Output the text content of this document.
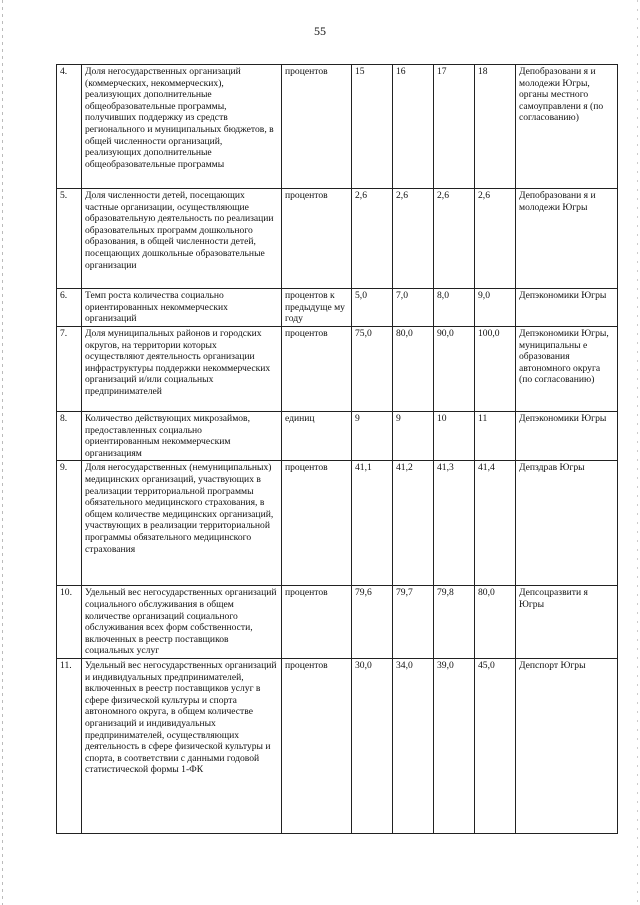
55
4.	Доля негосударственных организаций (коммерческих, некоммерческих), реализующих дополнительные общеобразовательные программы, получивших поддержку из средств регионального и муниципальных бюджетов, в общей численности организаций, реализующих дополнительные общеобразовательные программы	процентов	15	16	17	18	Депобразовани я и молодежи Югры, органы местного самоуправлени я (по согласованию)
5.	Доля численности детей, посещающих частные организации, осуществляющие образовательную деятельность по реализации образовательных программ дошкольного образования, в общей численности детей, посещающих дошкольные образовательные организации	процентов	2,6	2,6	2,6	2,6	Депобразовани я и молодежи Югры
6.	Темп роста количества социально ориентированных некоммерческих организаций	процентов к предыдуще му году	5,0	7,0	8,0	9,0	Депэкономики Югры
7.	Доля муниципальных районов и городских округов, на территории которых осуществляют деятельность организации инфраструктуры поддержки некоммерческих организаций и/или социальных предпринимателей	процентов	75,0	80,0	90,0	100,0	Депэкономики Югры, муниципальны е образования автономного округа (по согласованию)
8.	Количество действующих микрозаймов, предоставленных социально ориентированным некоммерческим организациям	единиц	9	9	10	11	Депэкономики Югры
9.	Доля негосударственных (немуниципальных) медицинских организаций, участвующих в реализации территориальной программы обязательного медицинского страхования, в общем количестве медицинских организаций, участвующих в реализации территориальной программы обязательного медицинского страхования	процентов	41,1	41,2	41,3	41,4	Депздрав Югры
10.	Удельный вес негосударственных организаций социального обслуживания в общем количестве организаций социального обслуживания всех форм собственности, включенных в реестр поставщиков социальных услуг	процентов	79,6	79,7	79,8	80,0	Депсоцразвити я Югры
11.	Удельный вес негосударственных организаций и индивидуальных предпринимателей, включенных в реестр поставщиков услуг в сфере физической культуры и спорта автономного округа, в общем количестве организаций и индивидуальных предпринимателей, осуществляющих деятельность в сфере физической культуры и спорта, в соответствии с данными годовой статистической формы 1-ФК	процентов	30,0	34,0	39,0	45,0	Депспорт Югры
